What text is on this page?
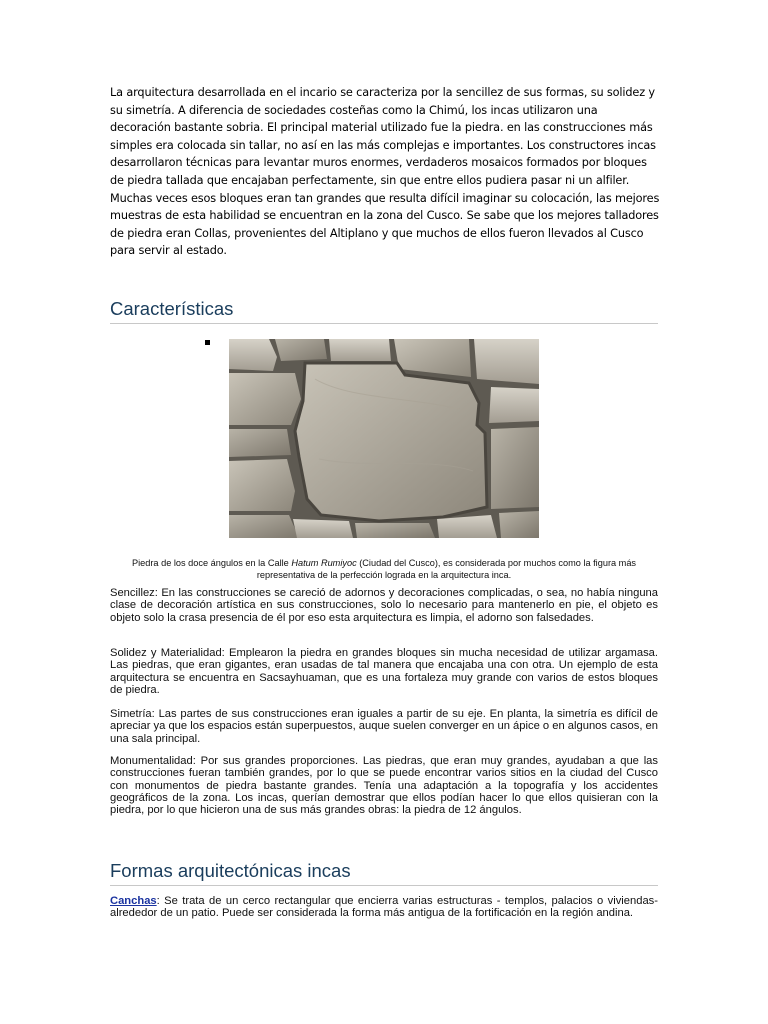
La arquitectura desarrollada en el incario se caracteriza por la sencillez de sus formas, su solidez y su simetría. A diferencia de sociedades costeñas como la Chimú, los incas utilizaron una decoración bastante sobria. El principal material utilizado fue la piedra. en las construcciones más simples era colocada sin tallar, no así en las más complejas e importantes. Los constructores incas desarrollaron técnicas para levantar muros enormes, verdaderos mosaicos formados por bloques de piedra tallada que encajaban perfectamente, sin que entre ellos pudiera pasar ni un alfiler. Muchas veces esos bloques eran tan grandes que resulta difícil imaginar su colocación, las mejores muestras de esta habilidad se encuentran en la zona del Cusco. Se sabe que los mejores talladores de piedra eran Collas, provenientes del Altiplano y que muchos de ellos fueron llevados al Cusco para servir al estado.

Características
Piedra de los doce ángulos en la Calle Hatum Rumiyoc (Ciudad del Cusco), es considerada por muchos como la figura más representativa de la perfección lograda en la arquitectura inca.

Sencillez: En las construcciones se careció de adornos y decoraciones complicadas, o sea, no había ninguna clase de decoración artística en sus construcciones, solo lo necesario para mantenerlo en pie, el objeto es objeto solo la crasa presencia de él por eso esta arquitectura es limpia, el adorno son falsedades.

Solidez y Materialidad: Emplearon la piedra en grandes bloques sin mucha necesidad de utilizar argamasa. Las piedras, que eran gigantes, eran usadas de tal manera que encajaba una con otra. Un ejemplo de esta arquitectura se encuentra en Sacsayhuaman, que es una fortaleza muy grande con varios de estos bloques de piedra.

Simetría: Las partes de sus construcciones eran iguales a partir de su eje. En planta, la simetría es difícil de apreciar ya que los espacios están superpuestos, auque suelen converger en un ápice o en algunos casos, en una sala principal.

Monumentalidad: Por sus grandes proporciones. Las piedras, que eran muy grandes, ayudaban a que las construcciones fueran también grandes, por lo que se puede encontrar varios sitios en la ciudad del Cusco con monumentos de piedra bastante grandes. Tenía una adaptación a la topografía y los accidentes geográficos de la zona. Los incas, querían demostrar que ellos podían hacer lo que ellos quisieran con la piedra, por lo que hicieron una de sus más grandes obras: la piedra de 12 ángulos.

Formas arquitectónicas incas

Canchas: Se trata de un cerco rectangular que encierra varias estructuras - templos, palacios o viviendas- alrededor de un patio. Puede ser considerada la forma más antigua de la fortificación en la región andina.
